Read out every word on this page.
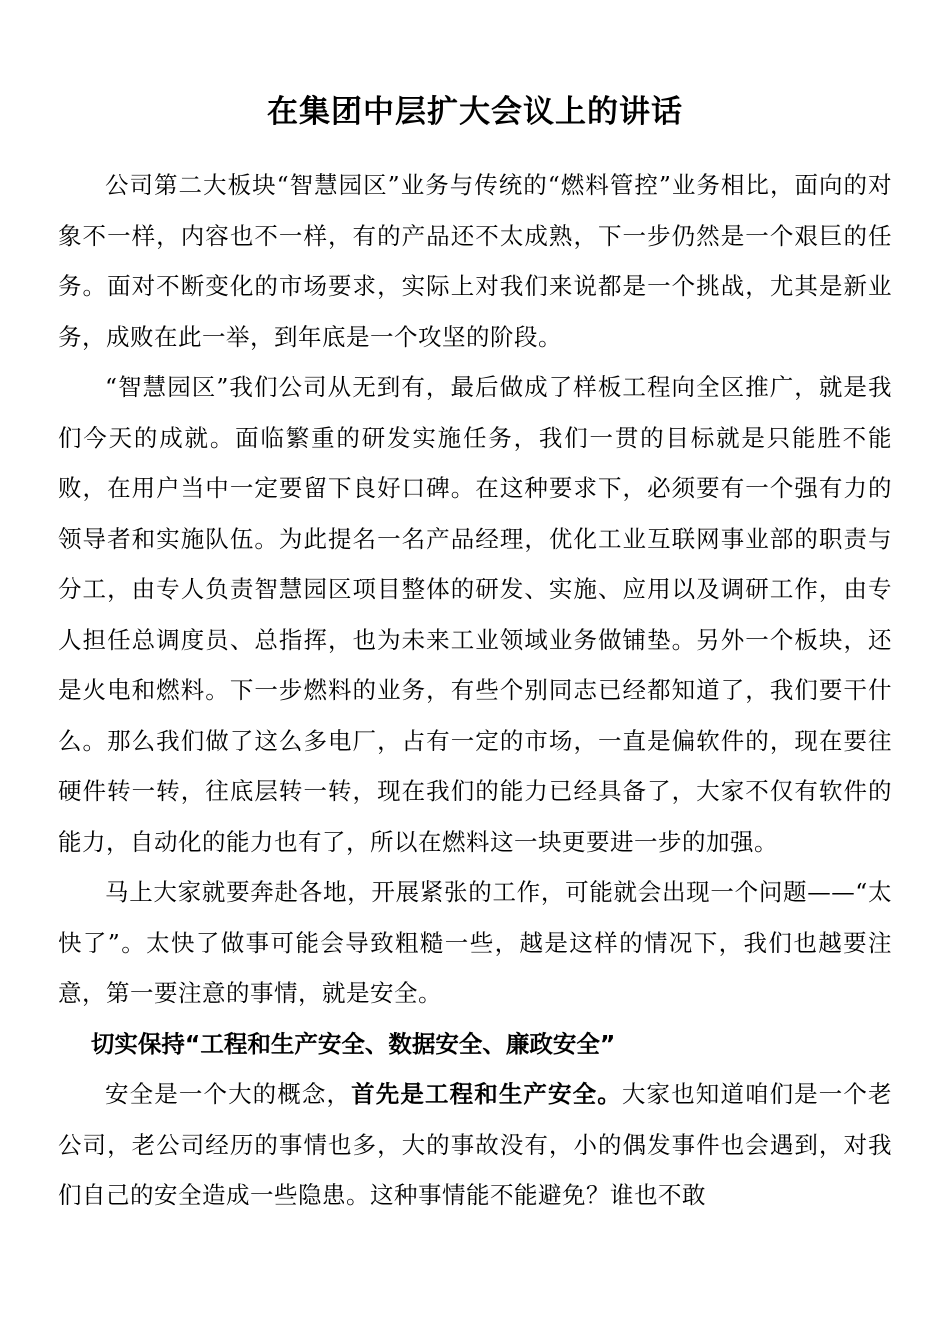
在集团中层扩大会议上的讲话

公司第二大板块“智慧园区”业务与传统的“燃料管控”业务相比，面向的对象不一样，内容也不一样，有的产品还不太成熟，下一步仍然是一个艰巨的任务。面对不断变化的市场要求，实际上对我们来说都是一个挑战，尤其是新业务，成败在此一举，到年底是一个攻坚的阶段。

“智慧园区”我们公司从无到有，最后做成了样板工程向全区推广，就是我们今天的成就。面临繁重的研发实施任务，我们一贯的目标就是只能胜不能败，在用户当中一定要留下良好口碑。在这种要求下，必须要有一个强有力的领导者和实施队伍。为此提名一名产品经理，优化工业互联网事业部的职责与分工，由专人负责智慧园区项目整体的研发、实施、应用以及调研工作，由专人担任总调度员、总指挥，也为未来工业领域业务做铺垫。另外一个板块，还是火电和燃料。下一步燃料的业务，有些个别同志已经都知道了，我们要干什么。那么我们做了这么多电厂，占有一定的市场，一直是偏软件的，现在要往硬件转一转，往底层转一转，现在我们的能力已经具备了，大家不仅有软件的能力，自动化的能力也有了，所以在燃料这一块更要进一步的加强。

马上大家就要奔赴各地，开展紧张的工作，可能就会出现一个问题——“太快了”。太快了做事可能会导致粗糙一些，越是这样的情况下，我们也越要注意，第一要注意的事情，就是安全。

切实保持“工程和生产安全、数据安全、廉政安全”

安全是一个大的概念，首先是工程和生产安全。大家也知道咱们是一个老公司，老公司经历的事情也多，大的事故没有，小的偶发事件也会遇到，对我们自己的安全造成一些隐患。这种事情能不能避免？谁也不敢
